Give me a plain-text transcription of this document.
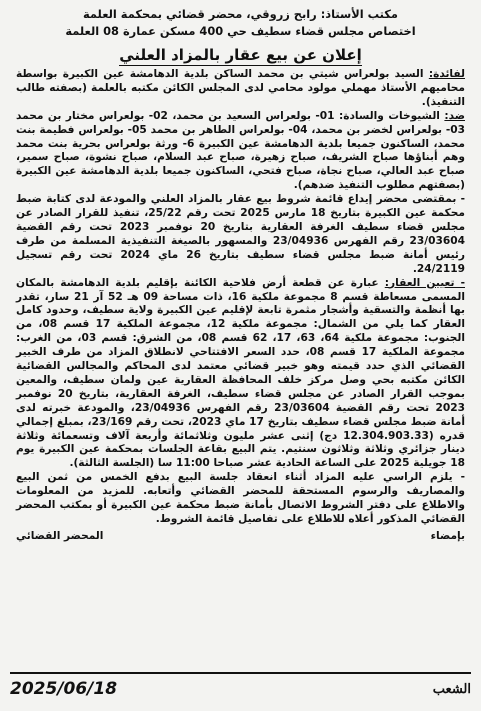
مكتب الأستاذ: رابح زروقي، محضر قضائي بمحكمة العلمة
اختصاص مجلس قضاء سطيف حي 400 مسكن عمارة 08 العلمة
إعلان عن بيع عقار بالمزاد العلني

لفائدة: السيد بولعراس شيتي بن محمد الساكن بلدية الدهامشة عين الكبيرة بواسطة محاميهم الأستاذ مهملي مولود محامي لدى المجلس الكائن مكتبه بالعلمة (بصفته طالب التنفيذ).

ضد: الشيوخات والسادة: 01- بولعراس السعيد بن محمد، 02- بولعراس مختار بن محمد 03- بولعراس لخضر بن محمد، 04- بولعراس الطاهر بن محمد 05- بولعراس فطيمة بنت محمد، الساكنون جميعا بلدية الدهامشة عين الكبيرة 6- ورثة بولعراس بحرية بنت محمد وهم أبناؤها صباح الشريف، صباح زهيرة، صباح عبد السلام، صباح نشوة، صباح سمير، صباح عبد العالي، صباح نجاة، صباح فتحي، الساكنون جميعا بلدية الدهامشة عين الكبيرة (بصفتهم مطلوب التنفيذ ضدهم).

- بمقتضى محضر إيداع قائمة شروط بيع عقار بالمزاد العلني والمودعة لدى كتابة ضبط محكمة عين الكبيرة بتاريخ 18 مارس 2025 تحت رقم 25/22، تنفيذ للقرار الصادر عن مجلس قضاء سطيف الغرفة العقارية بتاريخ 20 نوفمبر 2023 تحت رقم القضية 23/03604 رقم الفهرس 23/04936 والمسهور بالصيغة التنفيذية المسلمة من طرف رئيس أمانة ضبط مجلس قضاء سطيف بتاريخ 26 ماي 2024 تحت رقم تسجيل 24/2119.

- تعيين العقار: عبارة عن قطعة أرض فلاحية الكائنة بإقليم بلدية الدهامشة بالمكان المسمى مسعاطة قسم 8 مجموعة ملكية 16، ذات مساحة 09 هـ 52 آر 21 سار، تقدر بها أنظمة والتسقية وأشجار مثمرة تابعة لإقليم عين الكبيرة ولاية سطيف، وحدود كامل العقار كما يلي من الشمال: مجموعة ملكية 12، مجموعة الملكية 17 قسم 08، من الجنوب: مجموعة ملكية 64، 63، 17، 62 قسم 08، من الشرق: قسم 03، من الغرب: مجموعة الملكية 17 قسم 08، حدد السعر الافتتاحي لانطلاق المزاد من طرف الخبير القضائي الذي حدد قيمته وهو خبير قضائي معتمد لدى المحاكم والمجالس القضائية الكائن مكتبه بحي وصل مركز خلف المحافظة العقارية عين ولمان سطيف، والمعين بموجب القرار الصادر عن مجلس قضاء سطيف، الغرفة العقارية، بتاريخ 20 نوفمبر 2023 تحت رقم القضية 23/03604 رقم الفهرس 23/04936، والمودعة خبرته لدى أمانة ضبط مجلس قضاء سطيف بتاريخ 17 ماي 2023، تحت رقم 23/169، بمبلغ إجمالي قدره (12.304.903.33 دج) إثنى عشر مليون وثلاثمائة وأربعة آلاف وتسعمائة وثلاثة دينار جزائري وثلاثة وثلاثون سنتيم. يتم البيع بقاعة الجلسات بمحكمة عين الكبيرة يوم 18 جويلية 2025 على الساعة الحادية عشر صباحا 11:00 سا (الجلسة الثالثة).

- يلزم الراسي عليه المزاد أثناء انعقاد جلسة البيع بدفع الخمس من ثمن البيع والمصاريف والرسوم المستحقة للمحضر القضائي وأتعابه. للمزيد من المعلومات والاطلاع على دفتر الشروط الاتصال بأمانة ضبط محكمة عين الكبيرة أو بمكتب المحضر القضائي المذكور أعلاه للاطلاع على تفاصيل قائمة الشروط.

بإمضاء
المحضر القضائي
الشعب
2025/06/18
